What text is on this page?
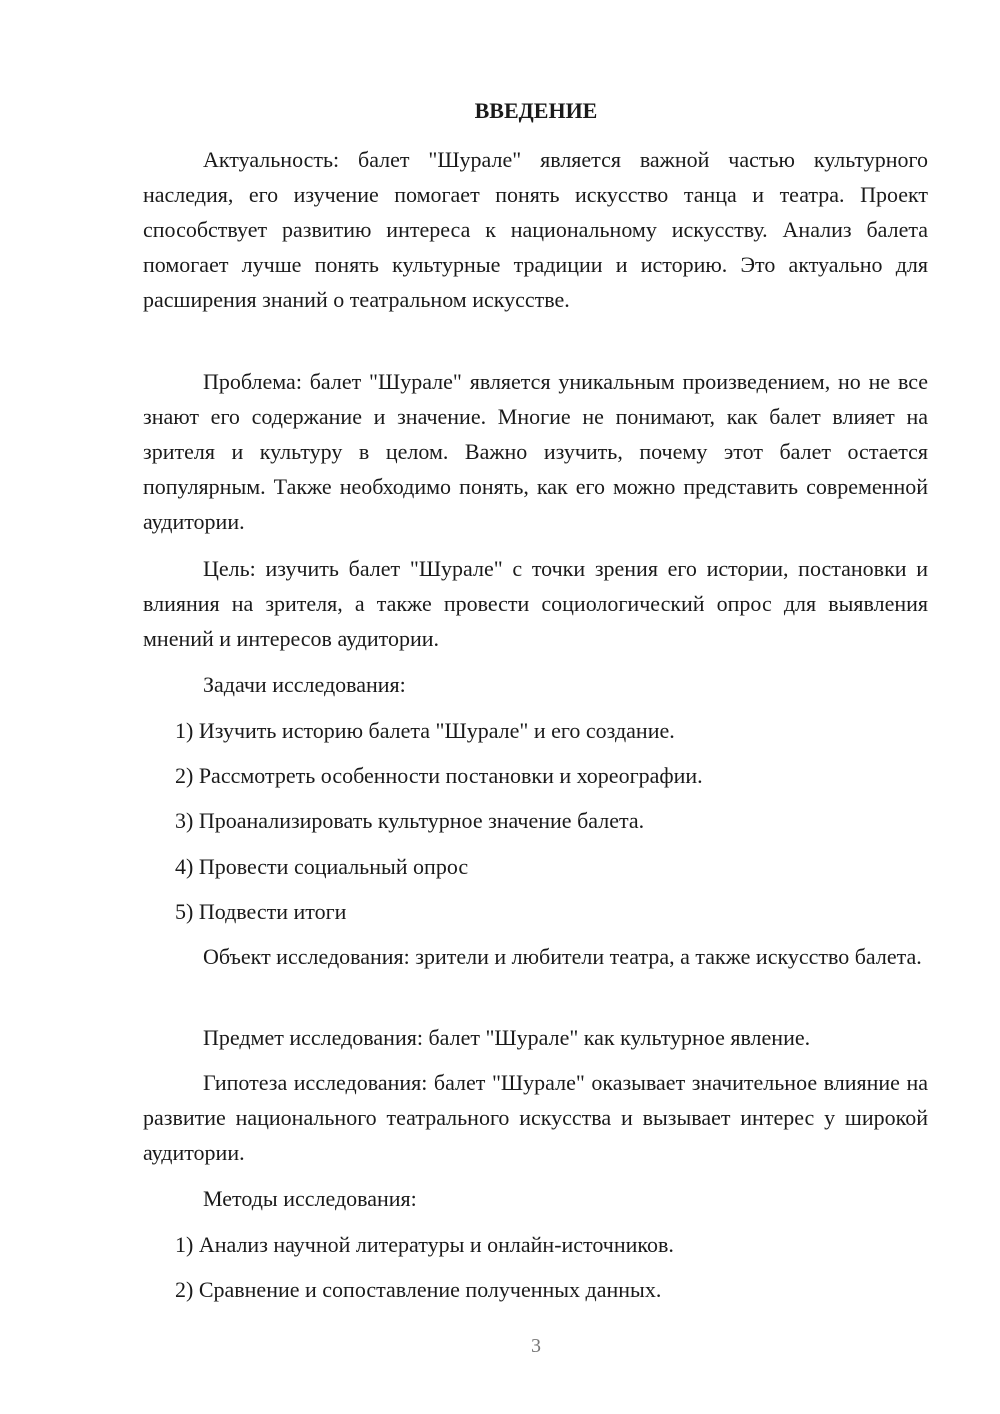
ВВЕДЕНИЕ

Актуальность: балет "Шурале" является важной частью культурного наследия, его изучение помогает понять искусство танца и театра. Проект способствует развитию интереса к национальному искусству. Анализ балета помогает лучше понять культурные традиции и историю. Это актуально для расширения знаний о театральном искусстве.

Проблема: балет "Шурале" является уникальным произведением, но не все знают его содержание и значение. Многие не понимают, как балет влияет на зрителя и культуру в целом. Важно изучить, почему этот балет остается популярным. Также необходимо понять, как его можно представить современной аудитории.

Цель: изучить балет "Шурале" с точки зрения его истории, постановки и влияния на зрителя, а также провести социологический опрос для выявления мнений и интересов аудитории.

Задачи исследования:

1) Изучить историю балета "Шурале" и его создание.

2) Рассмотреть особенности постановки и хореографии.

3) Проанализировать культурное значение балета.

4) Провести социальный опрос

5) Подвести итоги

Объект исследования: зрители и любители театра, а также искусство балета.

Предмет исследования: балет "Шурале" как культурное явление.

Гипотеза исследования: балет "Шурале" оказывает значительное влияние на развитие национального театрального искусства и вызывает интерес у широкой аудитории.

Методы исследования:

1) Анализ научной литературы и онлайн-источников.

2) Сравнение и сопоставление полученных данных.

3
